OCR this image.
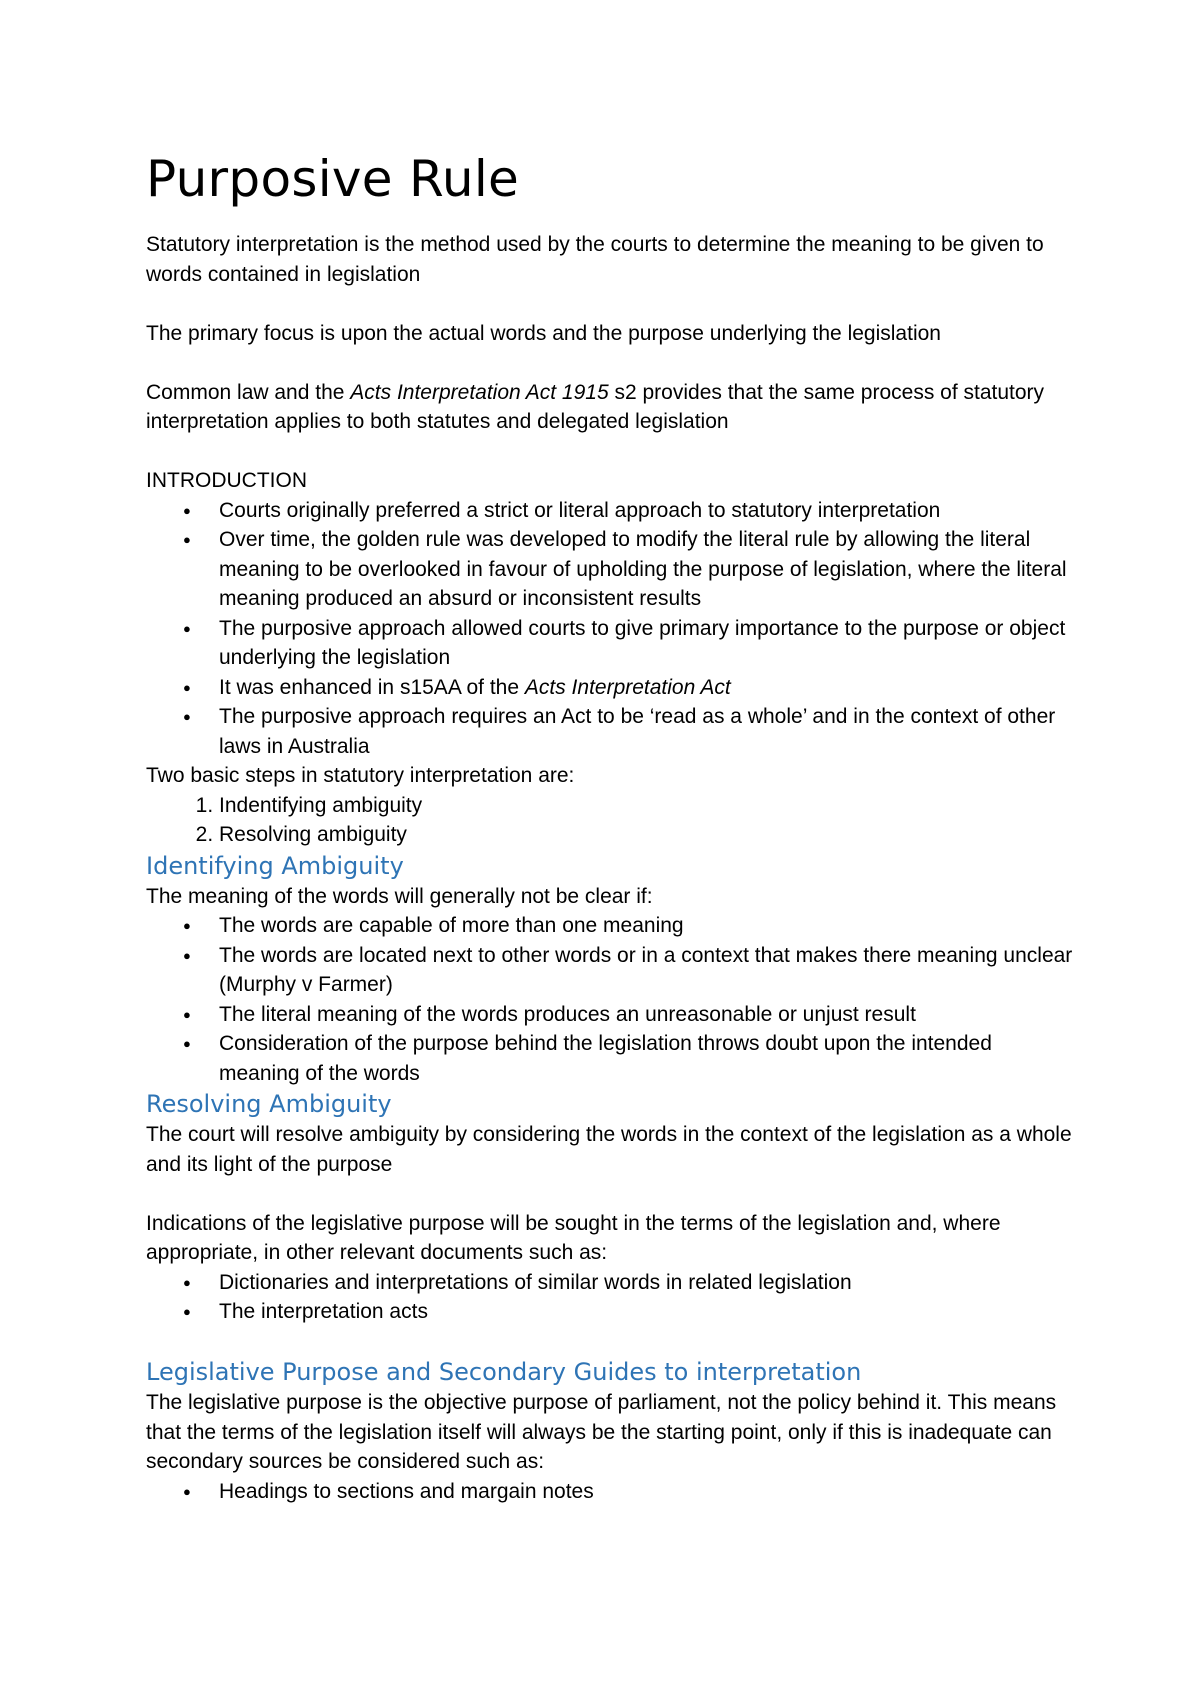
Purposive Rule

Statutory interpretation is the method used by the courts to determine the meaning to be given to words contained in legislation

The primary focus is upon the actual words and the purpose underlying the legislation

Common law and the Acts Interpretation Act 1915 s2 provides that the same process of statutory interpretation applies to both statutes and delegated legislation

INTRODUCTION

● Courts originally preferred a strict or literal approach to statutory interpretation
● Over time, the golden rule was developed to modify the literal rule by allowing the literal meaning to be overlooked in favour of upholding the purpose of legislation, where the literal meaning produced an absurd or inconsistent results
● The purposive approach allowed courts to give primary importance to the purpose or object underlying the legislation
● It was enhanced in s15AA of the Acts Interpretation Act
● The purposive approach requires an Act to be ‘read as a whole’ and in the context of other laws in Australia

Two basic steps in statutory interpretation are:

1. Indentifying ambiguity
2. Resolving ambiguity
Identifying Ambiguity

The meaning of the words will generally not be clear if:

● The words are capable of more than one meaning
● The words are located next to other words or in a context that makes there meaning unclear (Murphy v Farmer)
● The literal meaning of the words produces an unreasonable or unjust result
● Consideration of the purpose behind the legislation throws doubt upon the intended meaning of the words
Resolving Ambiguity

The court will resolve ambiguity by considering the words in the context of the legislation as a whole and its light of the purpose

Indications of the legislative purpose will be sought in the terms of the legislation and, where appropriate, in other relevant documents such as:

● Dictionaries and interpretations of similar words in related legislation
● The interpretation acts
Legislative Purpose and Secondary Guides to interpretation

The legislative purpose is the objective purpose of parliament, not the policy behind it. This means that the terms of the legislation itself will always be the starting point, only if this is inadequate can secondary sources be considered such as:

● Headings to sections and margain notes
